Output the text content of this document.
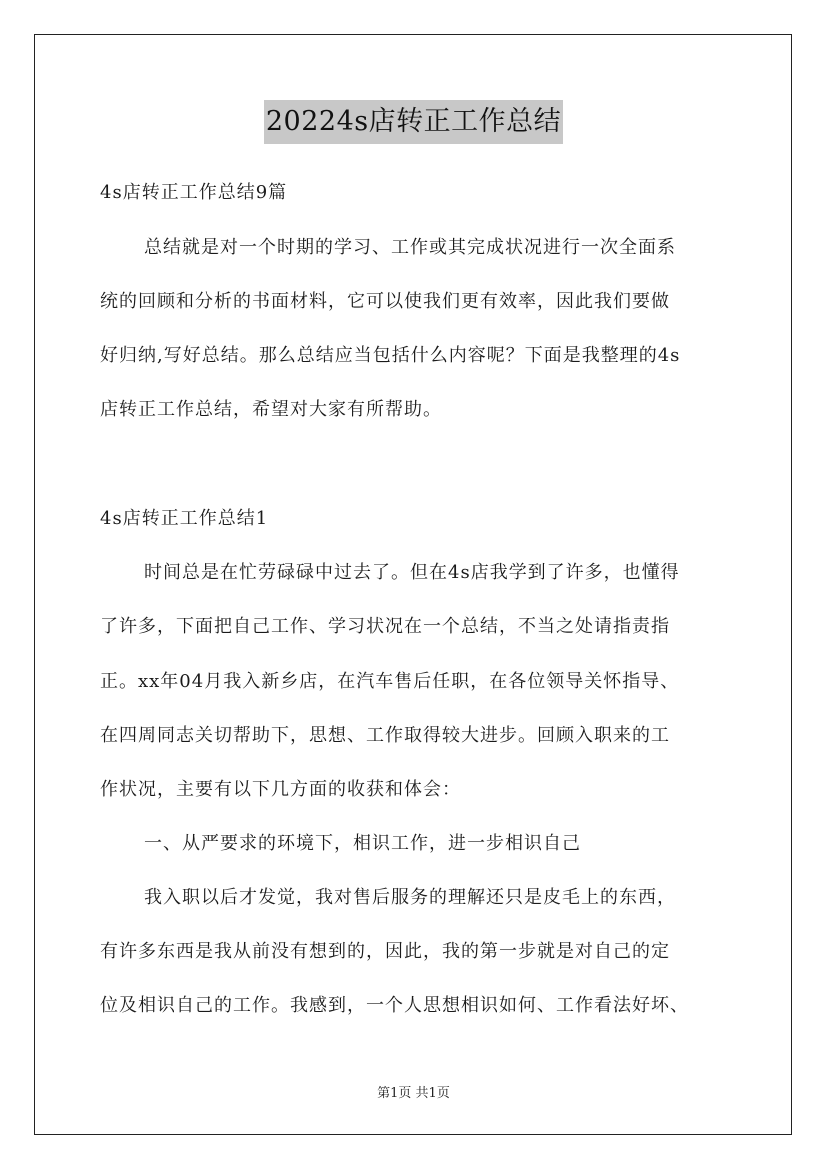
20224s店转正工作总结
4s店转正工作总结9篇
总结就是对一个时期的学习、工作或其完成状况进行一次全面系
统的回顾和分析的书面材料，它可以使我们更有效率，因此我们要做
好归纳,写好总结。那么总结应当包括什么内容呢？下面是我整理的4s
店转正工作总结，希望对大家有所帮助。
4s店转正工作总结1
时间总是在忙劳碌碌中过去了。但在4s店我学到了许多，也懂得
了许多，下面把自己工作、学习状况在一个总结，不当之处请指责指
正。xx年04月我入新乡店，在汽车售后任职，在各位领导关怀指导、
在四周同志关切帮助下，思想、工作取得较大进步。回顾入职来的工
作状况，主要有以下几方面的收获和体会：
一、从严要求的环境下，相识工作，进一步相识自己
我入职以后才发觉，我对售后服务的理解还只是皮毛上的东西，
有许多东西是我从前没有想到的，因此，我的第一步就是对自己的定
位及相识自己的工作。我感到，一个人思想相识如何、工作看法好坏、
第1页 共1页
